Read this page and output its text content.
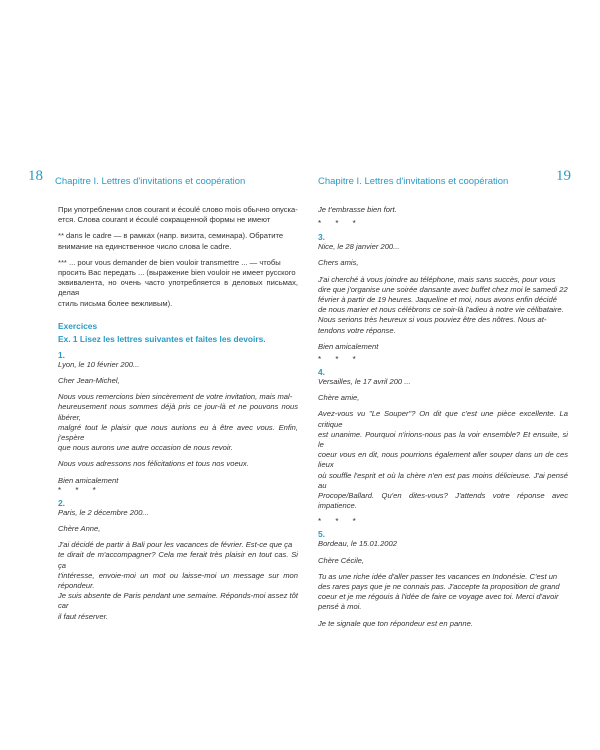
18 Chapitre I. Lettres d'invitations et coopération

При употреблении слов courant и écoulé слово mois обычно опуска-
ется. Слова courant и écoulé сокращенной формы не имеют

** dans le cadre — в рамках (напр. визита, семинара). Обратите
внимание на единственное число слова le cadre.

*** ... pour vous demander de bien vouloir transmettre ... — чтобы
просить Вас передать ... (выражение bien vouloir не имеет русского
эквивалента, но очень часто употребляется в деловых письмах, делая
стиль письма более вежливым).

Exercices
Ex. 1 Lisez les lettres suivantes et faites les devoirs.
1.

Lyon, le 10 février 200...

Cher Jean-Michel,

Nous vous remercions bien sincèrement de votre invitation, mais mal-
heureusement nous sommes déjà pris ce jour-là et ne pouvons nous libérer,
malgré tout le plaisir que nous aurions eu à être avec vous. Enfin, j'espère
que nous aurons une autre occasion de nous revoir.

Nous vous adressons nos félicitations et tous nos voeux.

Bien amicalement

* * *
2.

Paris, le 2 décembre 200...

Chère Anne,

J'ai décidé de partir à Bali pour les vacances de février. Est-ce que ça
te dirait de m'accompagner? Cela me ferait très plaisir en tout cas. Si ça
t'intéresse, envoie-moi un mot ou laisse-moi un message sur mon répondeur.
Je suis absente de Paris pendant une semaine. Réponds-moi assez tôt car
il faut réserver.

Chapitre I. Lettres d'invitations et coopération	19

Je t'embrasse bien fort.

* * *
3.

Nice, le 28 janvier 200...

Chers amis,

J'ai cherché à vous joindre au téléphone, mais sans succès, pour vous
dire que j'organise une soirée dansante avec buffet chez moi le samedi 22
février à partir de 19 heures. Jaqueline et moi, nous avons enfin décidé
de nous marier et nous célébrons ce soir-là l'adieu à notre vie célibataire.
Nous serions très heureux si vous pouviez être des nôtres. Nous at-
tendons votre réponse.

Bien amicalement

* * *
4.

Versailles, le 17 avril 200 ...

Chère amie,

Avez-vous vu "Le Souper"? On dit que c'est une pièce excellente. La critique
est unanime. Pourquoi n'irions-nous pas la voir ensemble? Et ensuite, si le
coeur vous en dit, nous pourrions également aller souper dans un de ces lieux
où souffle l'esprit et où la chère n'en est pas moins délicieuse. J'ai pensé au
Procope/Ballard. Qu'en dites-vous? J'attends votre réponse avec impatience.

* * *
5.

Bordeau, le 15.01.2002

Chère Cécile,

Tu as une riche idée d'aller passer tes vacances en Indonésie. C'est un
des rares pays que je ne connais pas. J'accepte ta proposition de grand
coeur et je me régouis à l'idée de faire ce voyage avec toi. Merci d'avoir
pensé à moi.

Je te signale que ton répondeur est en panne.
